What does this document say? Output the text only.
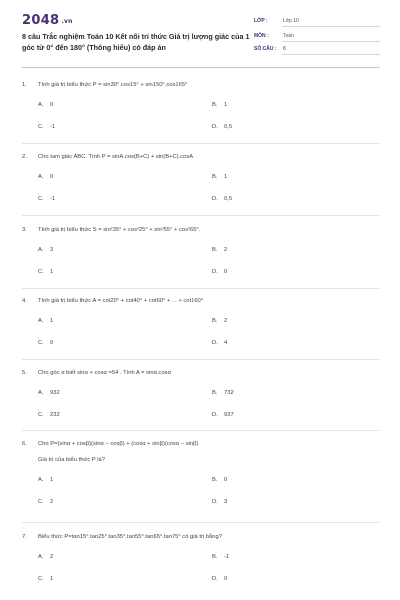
2048 .vn
8 câu Trắc nghiệm Toán 10 Kết nối tri thức Giá trị lượng giác của 1 góc từ 0° đến 180° (Thông hiểu) có đáp án
LỚP :	Lớp 10
MÔN :	Toán
SỐ CÂU : 8
1. Tính giá trị biểu thức P = sin30°.cos15° + sin150°.cos165°
A. 0	B. 1
C. -1	D. 0,5
2. Cho tam giác ABC. Tính P = sinA.cos(B+C) + sin(B+C).cosA
A. 0	B. 1
C. -1	D. 0,5
3. Tính giá trị biểu thức S = sin²35° + cos²25° + sin²55° + cos²65°.
A. 3	B. 2
C. 1	D. 0
4. Tính giá trị biểu thức A = cot20° + cot40° + cot60° + ... + cot160°
A. 1	B. 2
C. 0	D. 4
5. Cho góc α biết sinα + cosα =54 . Tính A = sinα.cosα
A. 932	B. 732
C. 232	D. 937
6. Cho P=(sinα + cosβ)(sinα − cosβ) + (cosα + sinβ)(cosα − sinβ)
Giá trị của biểu thức P là?
A. 1	B. 0
C. 2	D. 3
7. Biểu thức P=tan15°.tan25°.tan35°.tan55°.tan65°.tan75° có giá trị bằng?
A. 2	B. -1
C. 1	D. 0
